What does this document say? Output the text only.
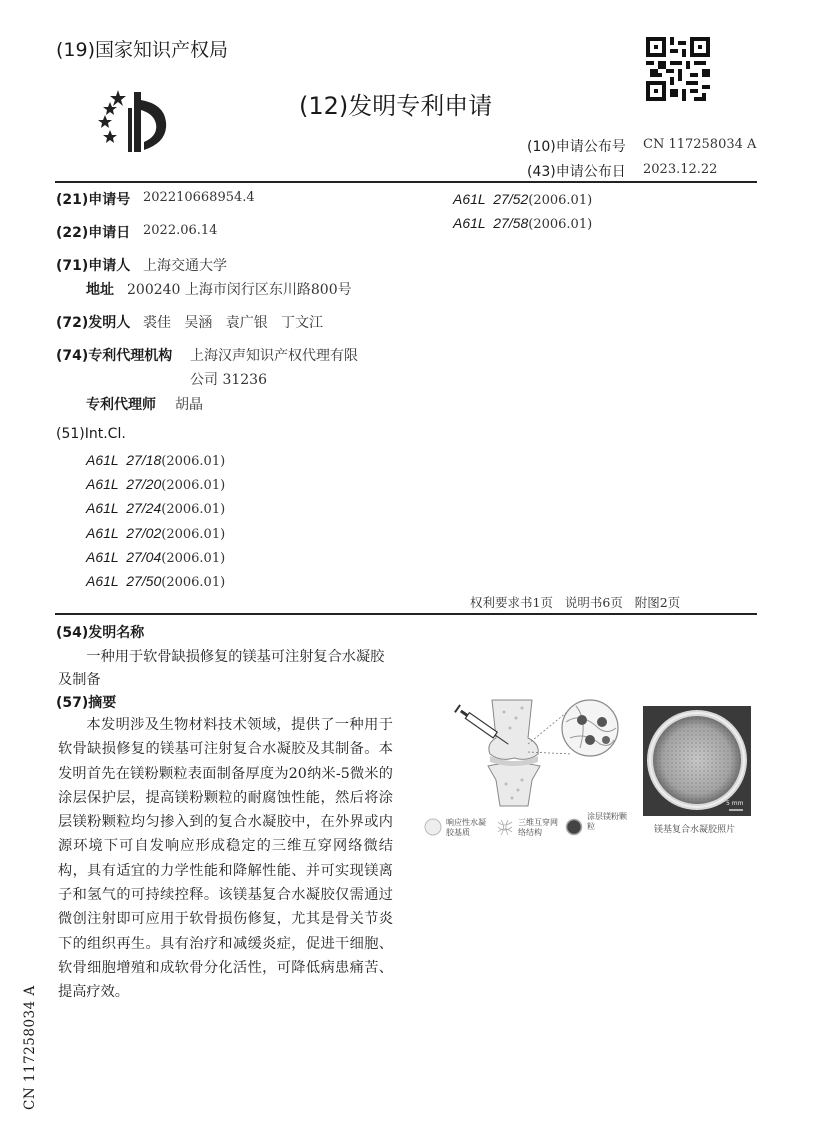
(19)国家知识产权局
(12)发明专利申请
(10)申请公布号 CN 117258034 A
(43)申请公布日 2023.12.22
(21)申请号 202210668954.4
(22)申请日 2022.06.14
(71)申请人 上海交通大学
地址 200240 上海市闵行区东川路800号
(72)发明人 裘佳   吴涵   袁广银   丁文江
(74)专利代理机构 上海汉声知识产权代理有限
公司 31236
专利代理师 胡晶
(51)Int.Cl.
A61L  27/18(2006.01)
A61L  27/20(2006.01)
A61L  27/24(2006.01)
A61L  27/02(2006.01)
A61L  27/04(2006.01)
A61L  27/50(2006.01)
A61L  27/52(2006.01)
A61L  27/58(2006.01)
权利要求书1页   说明书6页   附图2页
(54)发明名称
一种用于软骨缺损修复的镁基可注射复合水凝胶及制备
(57)摘要
本发明涉及生物材料技术领域，提供了一种用于软骨缺损修复的镁基可注射复合水凝胶及其制备。本发明首先在镁粉颗粒表面制备厚度为20纳米-5微米的涂层保护层，提高镁粉颗粒的耐腐蚀性能，然后将涂层镁粉颗粒均匀掺入到的复合水凝胶中，在外界或内源环境下可自发响应形成稳定的三维互穿网络微结构，具有适宜的力学性能和降解性能、并可实现镁离子和氢气的可持续控释。该镁基复合水凝胶仅需通过微创注射即可应用于软骨损伤修复，尤其是骨关节炎下的组织再生。具有治疗和减缓炎症，促进干细胞、软骨细胞增殖和成软骨分化活性，可降低病患痛苦、提高疗效。
响应性水凝胶基质
三维互穿网络结构
涂层镁粉颗粒
5 mm
镁基复合水凝胶照片
CN 117258034 A
